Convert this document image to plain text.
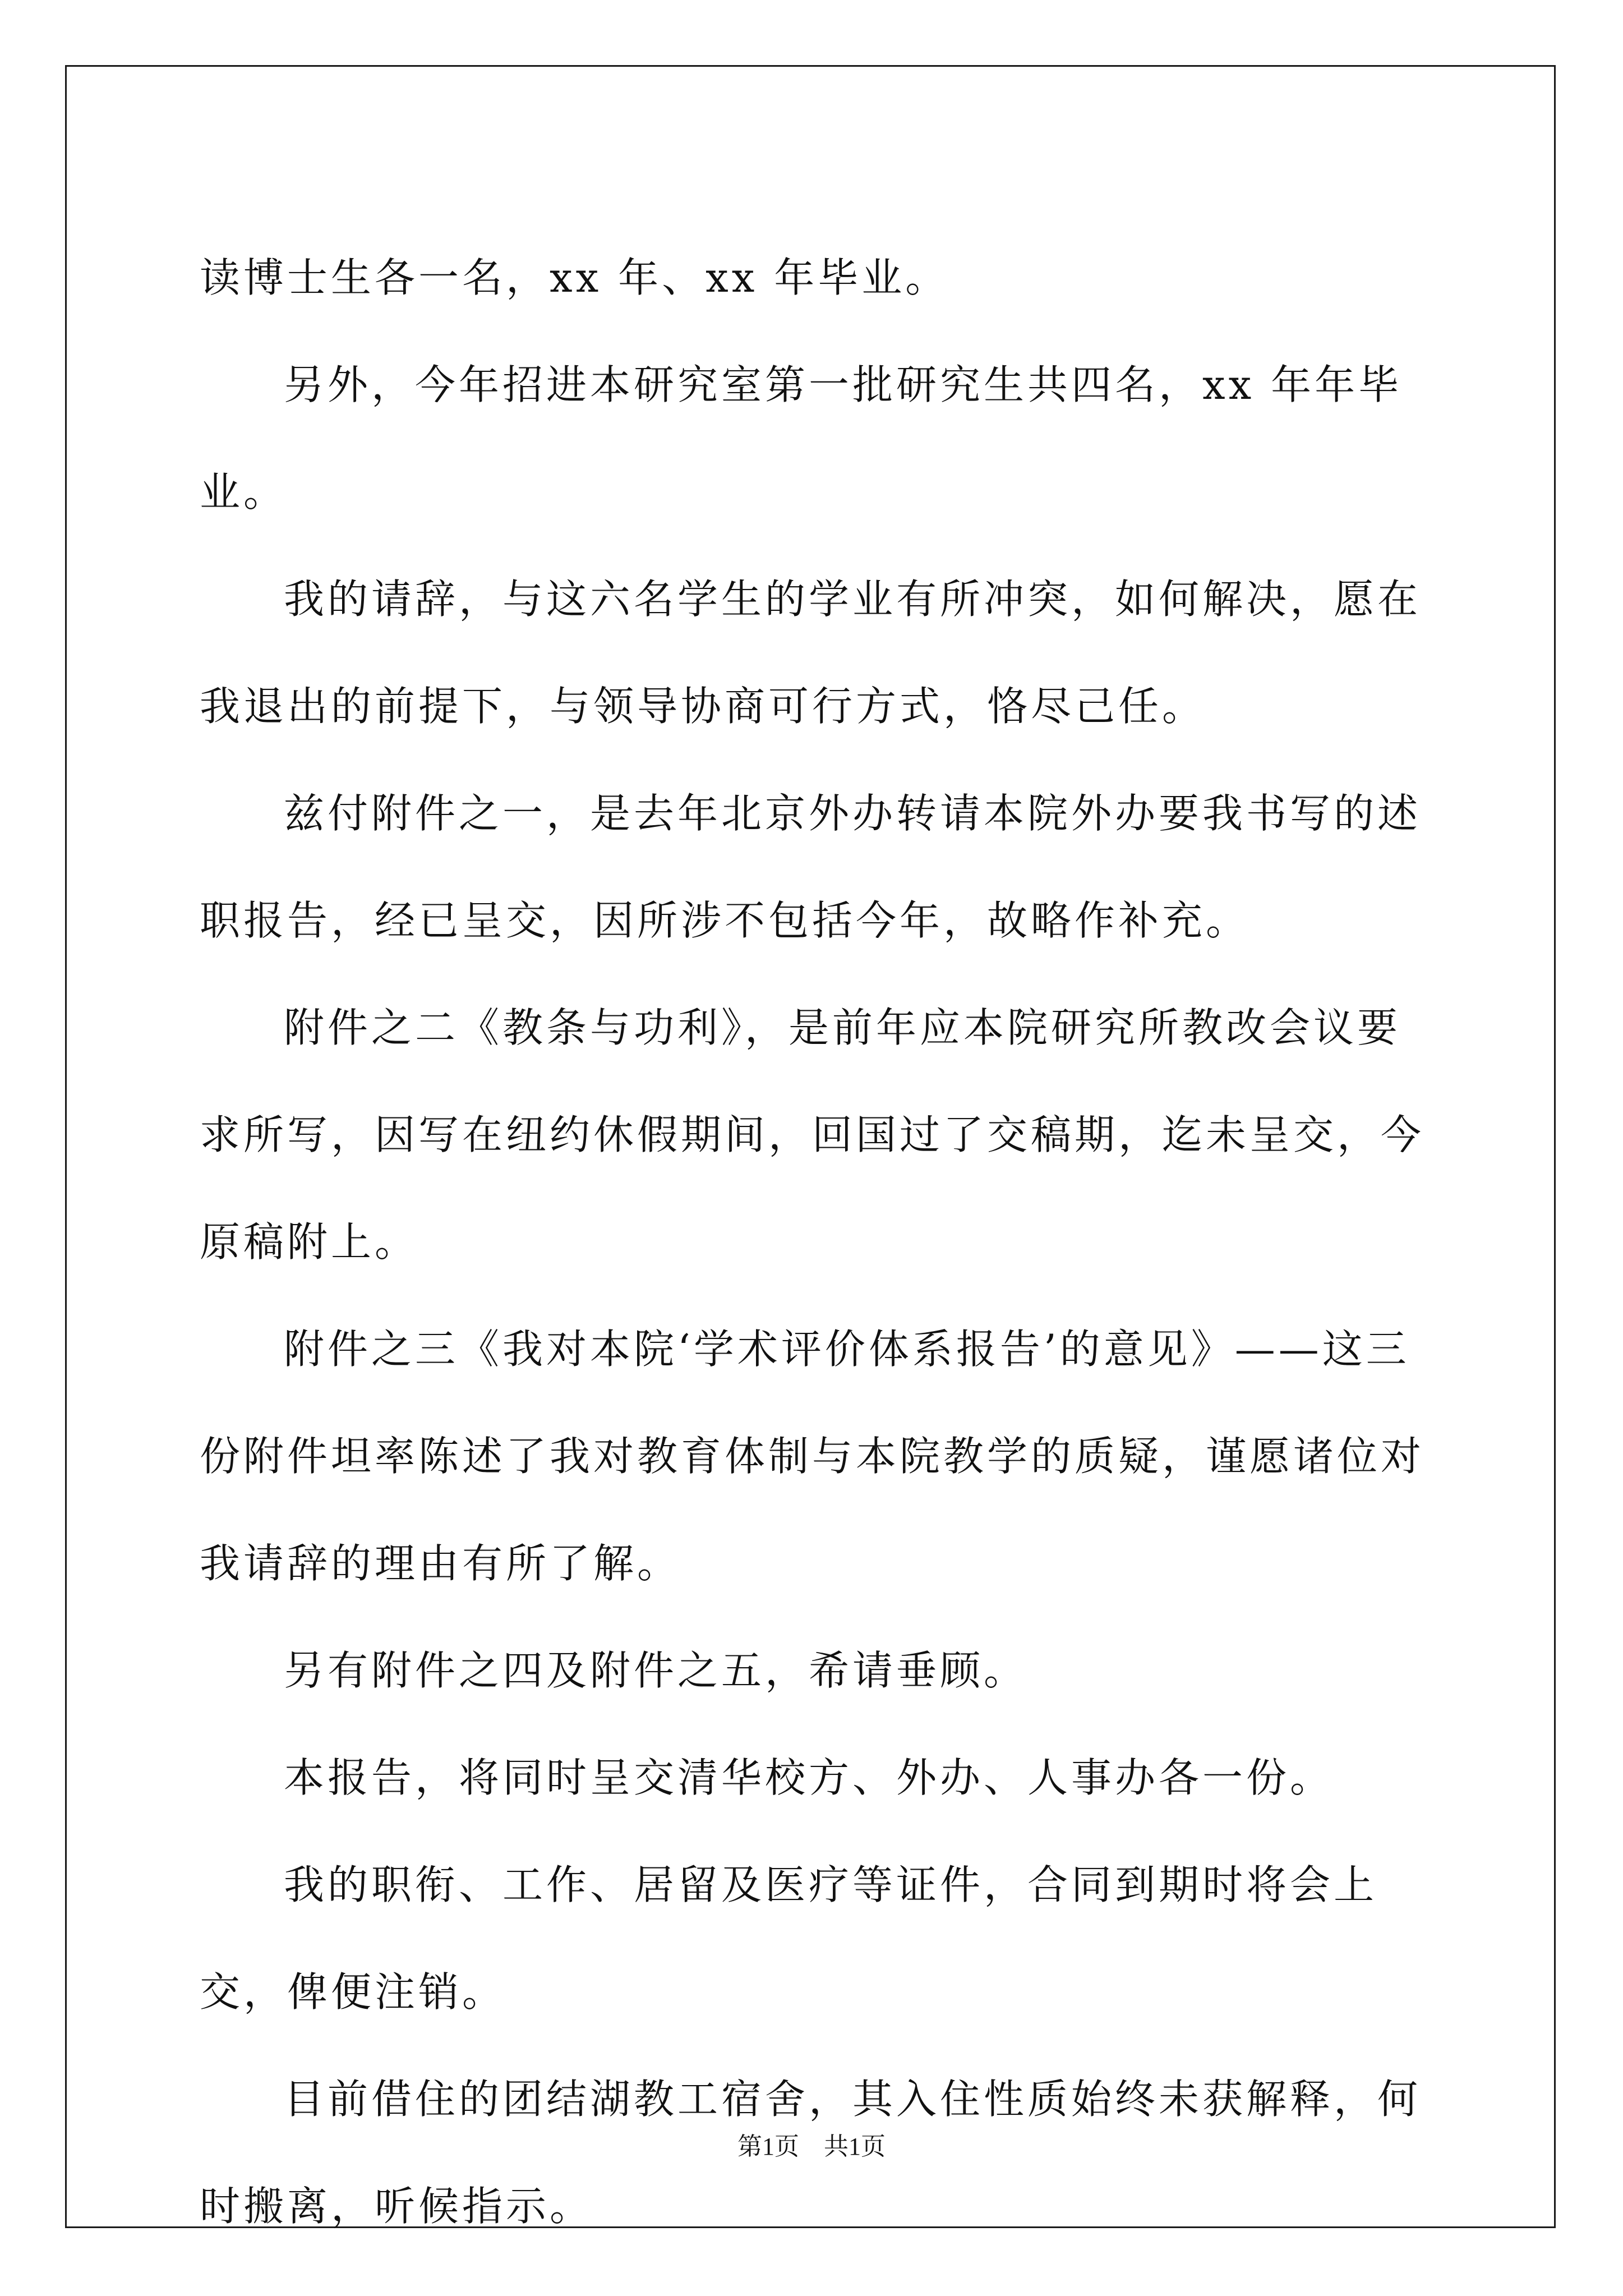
读博士生各一名，xx 年、xx 年毕业。

另外，今年招进本研究室第一批研究生共四名，xx 年年毕业。

我的请辞，与这六名学生的学业有所冲突，如何解决，愿在我退出的前提下，与领导协商可行方式，恪尽己任。

兹付附件之一，是去年北京外办转请本院外办要我书写的述职报告，经已呈交，因所涉不包括今年，故略作补充。

附件之二《教条与功利》，是前年应本院研究所教改会议要求所写，因写在纽约休假期间，回国过了交稿期，迄未呈交，今原稿附上。

附件之三《我对本院‘学术评价体系报告’的意见》——这三份附件坦率陈述了我对教育体制与本院教学的质疑，谨愿诸位对我请辞的理由有所了解。

另有附件之四及附件之五，希请垂顾。

本报告，将同时呈交清华校方、外办、人事办各一份。

我的职衔、工作、居留及医疗等证件，合同到期时将会上交，俾便注销。

目前借住的团结湖教工宿舍，其入住性质始终未获解释，何时搬离，听候指示。

第1页 共1页
